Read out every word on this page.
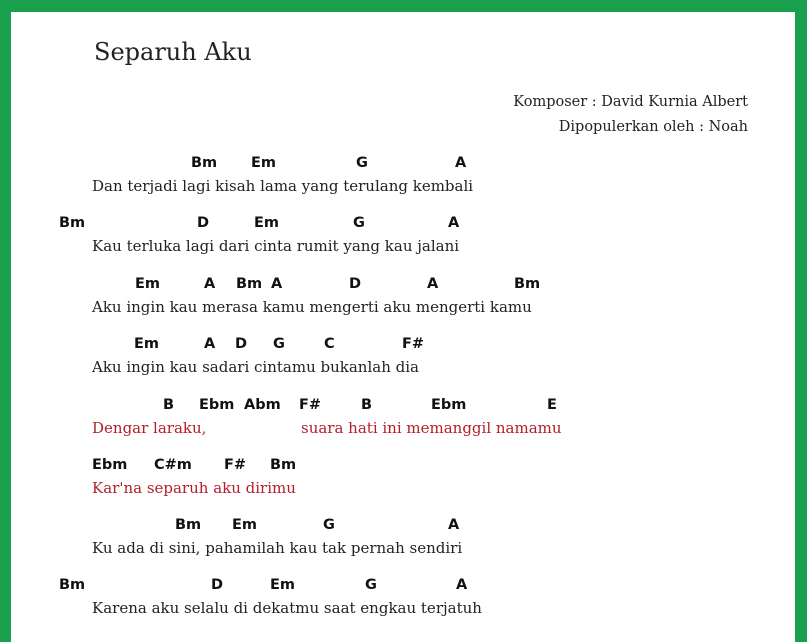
Separuh Aku
Komposer : David Kurnia Albert
Dipopulerkan oleh : Noah
Bm Em	G	A
Dan terjadi lagi kisah lama yang terulang kembali
Bm	D	Em	G	A
Kau terluka lagi dari cinta rumit yang kau jalani
Em	A Bm A	D	A	Bm
Aku ingin kau merasa kamu mengerti aku mengerti kamu
Em	A D G	C	F#
Aku ingin kau sadari cintamu bukanlah dia
B Ebm Abm F#	B	Ebm	E
Dengar laraku,	suara hati ini memanggil namamu
Ebm C#m F# Bm
Kar'na separuh aku dirimu
Bm Em	G	A
Ku ada di sini, pahamilah kau tak pernah sendiri
Bm	D	Em	G	A
Karena aku selalu di dekatmu saat engkau terjatuh
